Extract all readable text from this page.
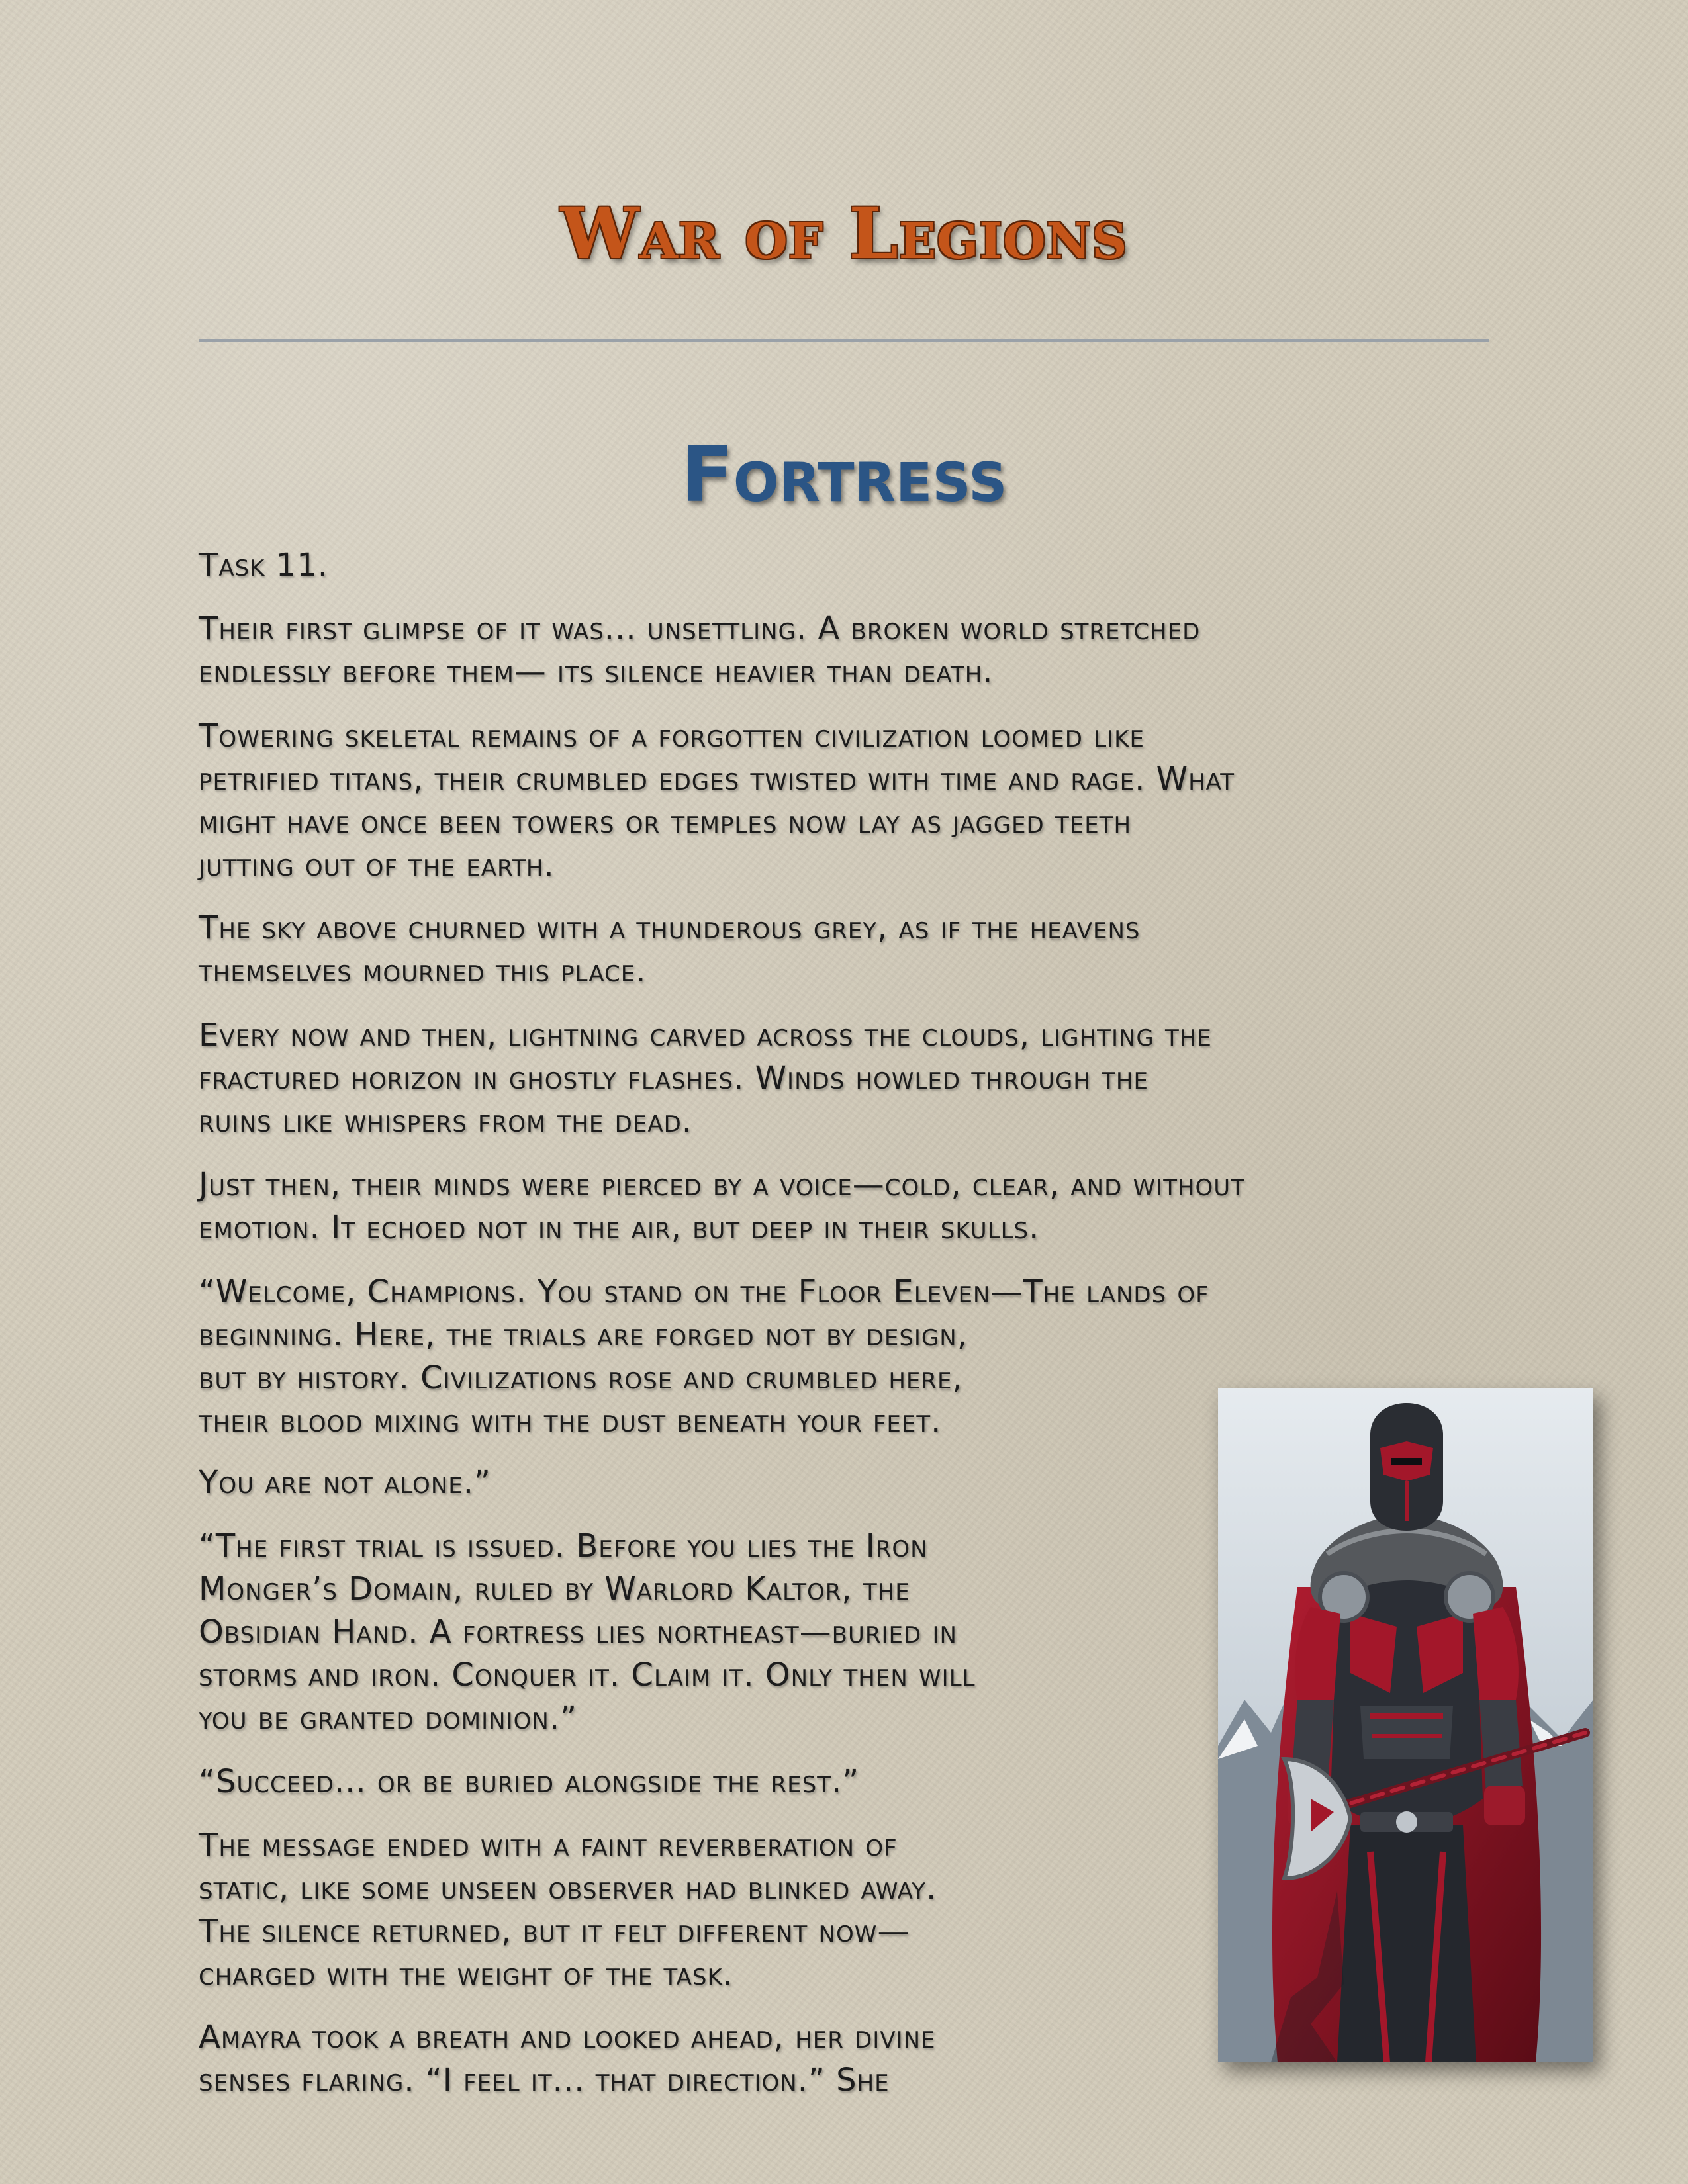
War of Legions
Fortress

Task 11.

Their first glimpse of it was... unsettling. A broken world stretched
endlessly before them— its silence heavier than death.

Towering skeletal remains of a forgotten civilization loomed like
petrified titans, their crumbled edges twisted with time and rage. What
might have once been towers or temples now lay as jagged teeth
jutting out of the earth.

The sky above churned with a thunderous grey, as if the heavens
themselves mourned this place.

Every now and then, lightning carved across the clouds, lighting the
fractured horizon in ghostly flashes. Winds howled through the
ruins like whispers from the dead.

Just then, their minds were pierced by a voice—cold, clear, and without
emotion. It echoed not in the air, but deep in their skulls.

“Welcome, Champions. You stand on the Floor Eleven—The lands of
beginning. Here, the trials are forged not by design,
but by history. Civilizations rose and crumbled here,
their blood mixing with the dust beneath your feet.

You are not alone.”

“The first trial is issued. Before you lies the Iron
Monger’s Domain, ruled by Warlord Kaltor, the
Obsidian Hand. A fortress lies northeast—buried in
storms and iron. Conquer it. Claim it. Only then will
you be granted dominion.”

“Succeed... or be buried alongside the rest.”

The message ended with a faint reverberation of
static, like some unseen observer had blinked away.
The silence returned, but it felt different now—
charged with the weight of the task.

Amayra took a breath and looked ahead, her divine
senses flaring. “I feel it... that direction.” She
